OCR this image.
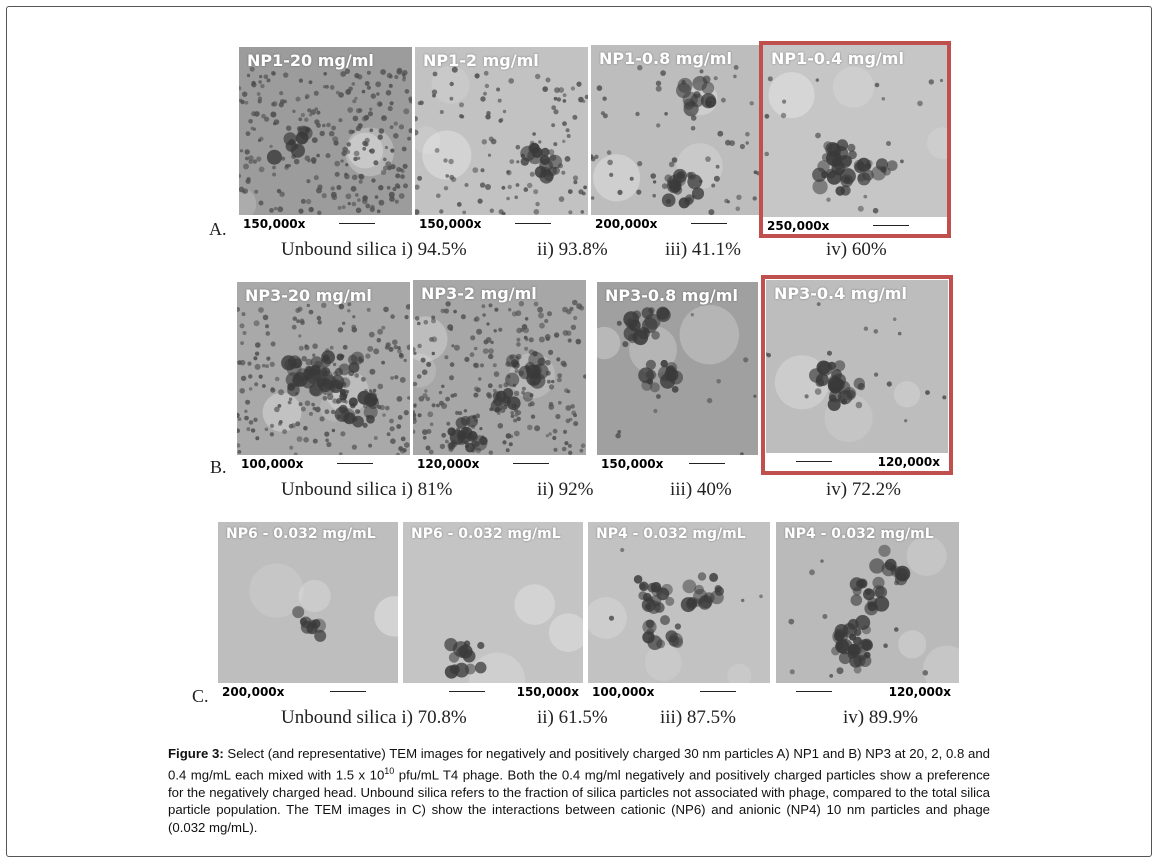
NP1-20 mg/ml
150,000x
NP1-2 mg/ml
150,000x
NP1-0.8 mg/ml
200,000x
NP1-0.4 mg/ml
250,000x
A.
Unbound silica i) 94.5%	ii) 93.8%	iii) 41.1%	iv) 60%
NP3-20 mg/ml
100,000x
NP3-2 mg/ml
120,000x
NP3-0.8 mg/ml
150,000x
NP3-0.4 mg/ml
120,000x
B.
Unbound silica i) 81%	ii) 92%	iii) 40%	iv) 72.2%
NP6 - 0.032 mg/mL
200,000x
NP6 - 0.032 mg/mL
150,000x
NP4 - 0.032 mg/mL
100,000x
NP4 - 0.032 mg/mL
120,000x
C.
Unbound silica i) 70.8%	ii) 61.5%	iii) 87.5%	iv) 89.9%

Figure 3: Select (and representative) TEM images for negatively and positively charged 30 nm particles A) NP1 and B) NP3 at 20, 2, 0.8 and 0.4 mg/mL each mixed with 1.5 x $10^{10}$ pfu/mL T4 phage. Both the 0.4 mg/ml negatively and positively charged particles show a preference for the negatively charged head. Unbound silica refers to the fraction of silica particles not associated with phage, compared to the total silica particle population. The TEM images in C) show the interactions between cationic (NP6) and anionic (NP4) 10 nm particles and phage (0.032 mg/mL).
